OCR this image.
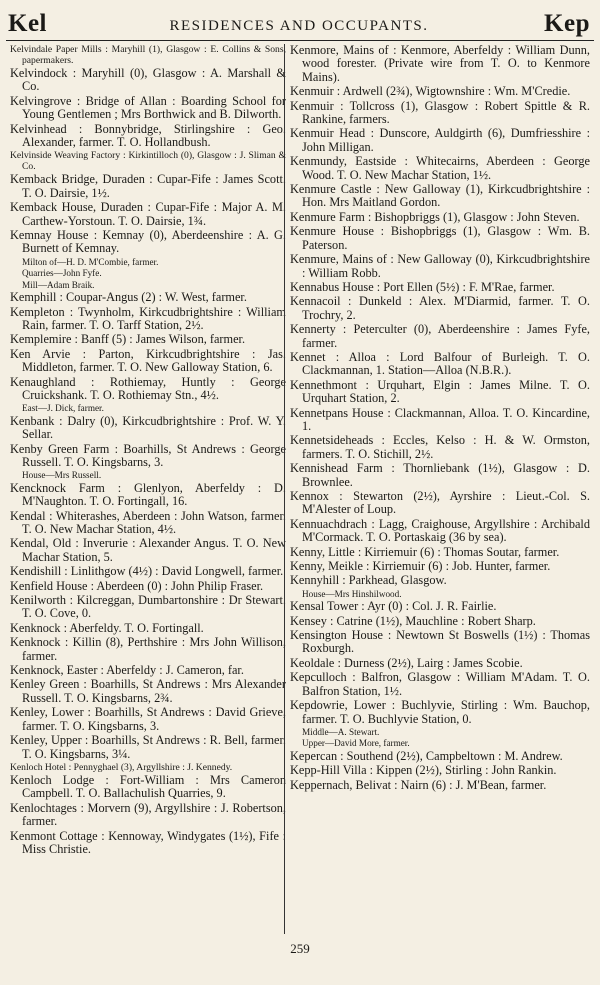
Kel	RESIDENCES AND OCCUPANTS.	Kep

Kelvindale Paper Mills : Maryhill (1), Glasgow : E. Collins & Sons, papermakers.

Kelvindock : Maryhill (0), Glasgow : A. Marshall & Co.

Kelvingrove : Bridge of Allan : Boarding School for Young Gentlemen ; Mrs Borthwick and B. Dilworth.

Kelvinhead : Bonnybridge, Stirlingshire : Geo. Alexander, farmer. T. O. Hollandbush.

Kelvinside Weaving Factory : Kirkintilloch (0), Glasgow : J. Sliman & Co.

Kemback Bridge, Duraden : Cupar-Fife : James Scott. T. O. Dairsie, 1½.

Kemback House, Duraden : Cupar-Fife : Major A. M. Carthew-Yorstoun. T. O. Dairsie, 1¾.

Kemnay House : Kemnay (0), Aberdeenshire : A. G. Burnett of Kemnay.

Milton of—H. D. M'Combie, farmer.

Quarries—John Fyfe.

Mill—Adam Braik.

Kemphill : Coupar-Angus (2) : W. West, farmer.

Kempleton : Twynholm, Kirkcudbrightshire : William Rain, farmer. T. O. Tarff Station, 2½.

Kemplemire : Banff (5) : James Wilson, farmer.

Ken Arvie : Parton, Kirkcudbrightshire : Jas. Middleton, farmer. T. O. New Galloway Station, 6.

Kenaughland : Rothiemay, Huntly : George Cruickshank. T. O. Rothiemay Stn., 4½.

East—J. Dick, farmer.

Kenbank : Dalry (0), Kirkcudbrightshire : Prof. W. Y. Sellar.

Kenby Green Farm : Boarhills, St Andrews : George Russell. T. O. Kingsbarns, 3.

House—Mrs Russell.

Kencknock Farm : Glenlyon, Aberfeldy : D. M'Naughton. T. O. Fortingall, 16.

Kendal : Whiterashes, Aberdeen : John Watson, farmer. T. O. New Machar Station, 4½.

Kendal, Old : Inverurie : Alexander Angus. T. O. New Machar Station, 5.

Kendishill : Linlithgow (4½) : David Longwell, farmer.

Kenfield House : Aberdeen (0) : John Philip Fraser.

Kenilworth : Kilcreggan, Dumbartonshire : Dr Stewart. T. O. Cove, 0.

Kenknock : Aberfeldy. T. O. Fortingall.

Kenknock : Killin (8), Perthshire : Mrs John Willison, farmer.

Kenknock, Easter : Aberfeldy : J. Cameron, far.

Kenley Green : Boarhills, St Andrews : Mrs Alexander Russell. T. O. Kingsbarns, 2¾.

Kenley, Lower : Boarhills, St Andrews : David Grieve, farmer. T. O. Kingsbarns, 3.

Kenley, Upper : Boarhills, St Andrews : R. Bell, farmer. T. O. Kingsbarns, 3¼.

Kenloch Hotel : Pennyghael (3), Argyllshire : J. Kennedy.

Kenloch Lodge : Fort-William : Mrs Cameron Campbell. T. O. Ballachulish Quarries, 9.

Kenlochtages : Morvern (9), Argyllshire : J. Robertson, farmer.

Kenmont Cottage : Kennoway, Windygates (1½), Fife : Miss Christie.

Kenmore, Mains of : Kenmore, Aberfeldy : William Dunn, wood forester. (Private wire from T. O. to Kenmore Mains).

Kenmuir : Ardwell (2¾), Wigtownshire : Wm. M'Credie.

Kenmuir : Tollcross (1), Glasgow : Robert Spittle & R. Rankine, farmers.

Kenmuir Head : Dunscore, Auldgirth (6), Dumfriesshire : John Milligan.

Kenmundy, Eastside : Whitecairns, Aberdeen : George Wood. T. O. New Machar Station, 1½.

Kenmure Castle : New Galloway (1), Kirkcudbrightshire : Hon. Mrs Maitland Gordon.

Kenmure Farm : Bishopbriggs (1), Glasgow : John Steven.

Kenmure House : Bishopbriggs (1), Glasgow : Wm. B. Paterson.

Kenmure, Mains of : New Galloway (0), Kirkcudbrightshire : William Robb.

Kennabus House : Port Ellen (5½) : F. M'Rae, farmer.

Kennacoil : Dunkeld : Alex. M'Diarmid, farmer. T. O. Trochry, 2.

Kennerty : Peterculter (0), Aberdeenshire : James Fyfe, farmer.

Kennet : Alloa : Lord Balfour of Burleigh. T. O. Clackmannan, 1. Station—Alloa (N.B.R.).

Kennethmont : Urquhart, Elgin : James Milne. T. O. Urquhart Station, 2.

Kennetpans House : Clackmannan, Alloa. T. O. Kincardine, 1.

Kennetsideheads : Eccles, Kelso : H. & W. Ormston, farmers. T. O. Stichill, 2½.

Kennishead Farm : Thornliebank (1½), Glasgow : D. Brownlee.

Kennox : Stewarton (2½), Ayrshire : Lieut.-Col. S. M'Alester of Loup.

Kennuachdrach : Lagg, Craighouse, Argyllshire : Archibald M'Cormack. T. O. Portaskaig (36 by sea).

Kenny, Little : Kirriemuir (6) : Thomas Soutar, farmer.

Kenny, Meikle : Kirriemuir (6) : Job. Hunter, farmer.

Kennyhill : Parkhead, Glasgow.

House—Mrs Hinshilwood.

Kensal Tower : Ayr (0) : Col. J. R. Fairlie.

Kensey : Catrine (1½), Mauchline : Robert Sharp.

Kensington House : Newtown St Boswells (1½) : Thomas Roxburgh.

Keoldale : Durness (2½), Lairg : James Scobie.

Kepculloch : Balfron, Glasgow : William M'Adam. T. O. Balfron Station, 1½.

Kepdowrie, Lower : Buchlyvie, Stirling : Wm. Bauchop, farmer. T. O. Buchlyvie Station, 0.

Middle—A. Stewart.

Upper—David More, farmer.

Kepercan : Southend (2½), Campbeltown : M. Andrew.

Kepp-Hill Villa : Kippen (2½), Stirling : John Rankin.

Keppernach, Belivat : Nairn (6) : J. M'Bean, farmer.

259
